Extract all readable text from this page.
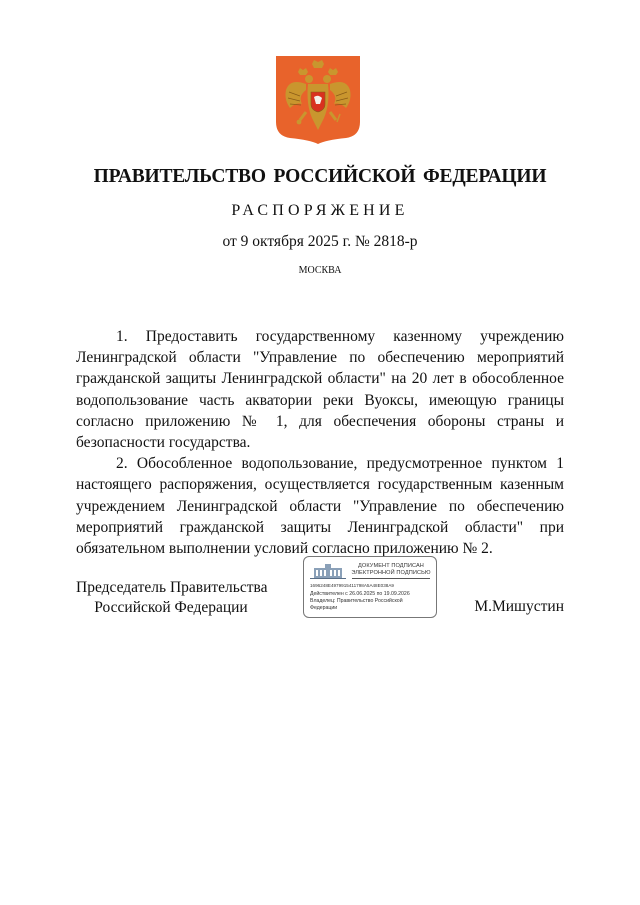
ПРАВИТЕЛЬСТВО РОССИЙСКОЙ ФЕДЕРАЦИИ
РАСПОРЯЖЕНИЕ
от 9 октября 2025 г. № 2818-р
МОСКВА

1. Предоставить государственному казенному учреждению Ленинградской области "Управление по обеспечению мероприятий гражданской защиты Ленинградской области" на 20 лет в обособленное водопользование часть акватории реки Вуоксы, имеющую границы согласно приложению № 1, для обеспечения обороны страны и безопасности государства.

2. Обособленное водопользование, предусмотренное пунктом 1 настоящего распоряжения, осуществляется государственным казенным учреждением Ленинградской области "Управление по обеспечению мероприятий гражданской защиты Ленинградской области" при обязательном выполнении условий согласно приложению № 2.

Председатель Правительства
Российской Федерации
ДОКУМЕНТ ПОДПИСАН
ЭЛЕКТРОННОЙ ПОДПИСЬЮ
1696248E4979915411798A5A48E038A9
Действителен с 26.06.2025 по 19.09.2026
Владелец: Правительство Российской Федерации	М.Мишустин
